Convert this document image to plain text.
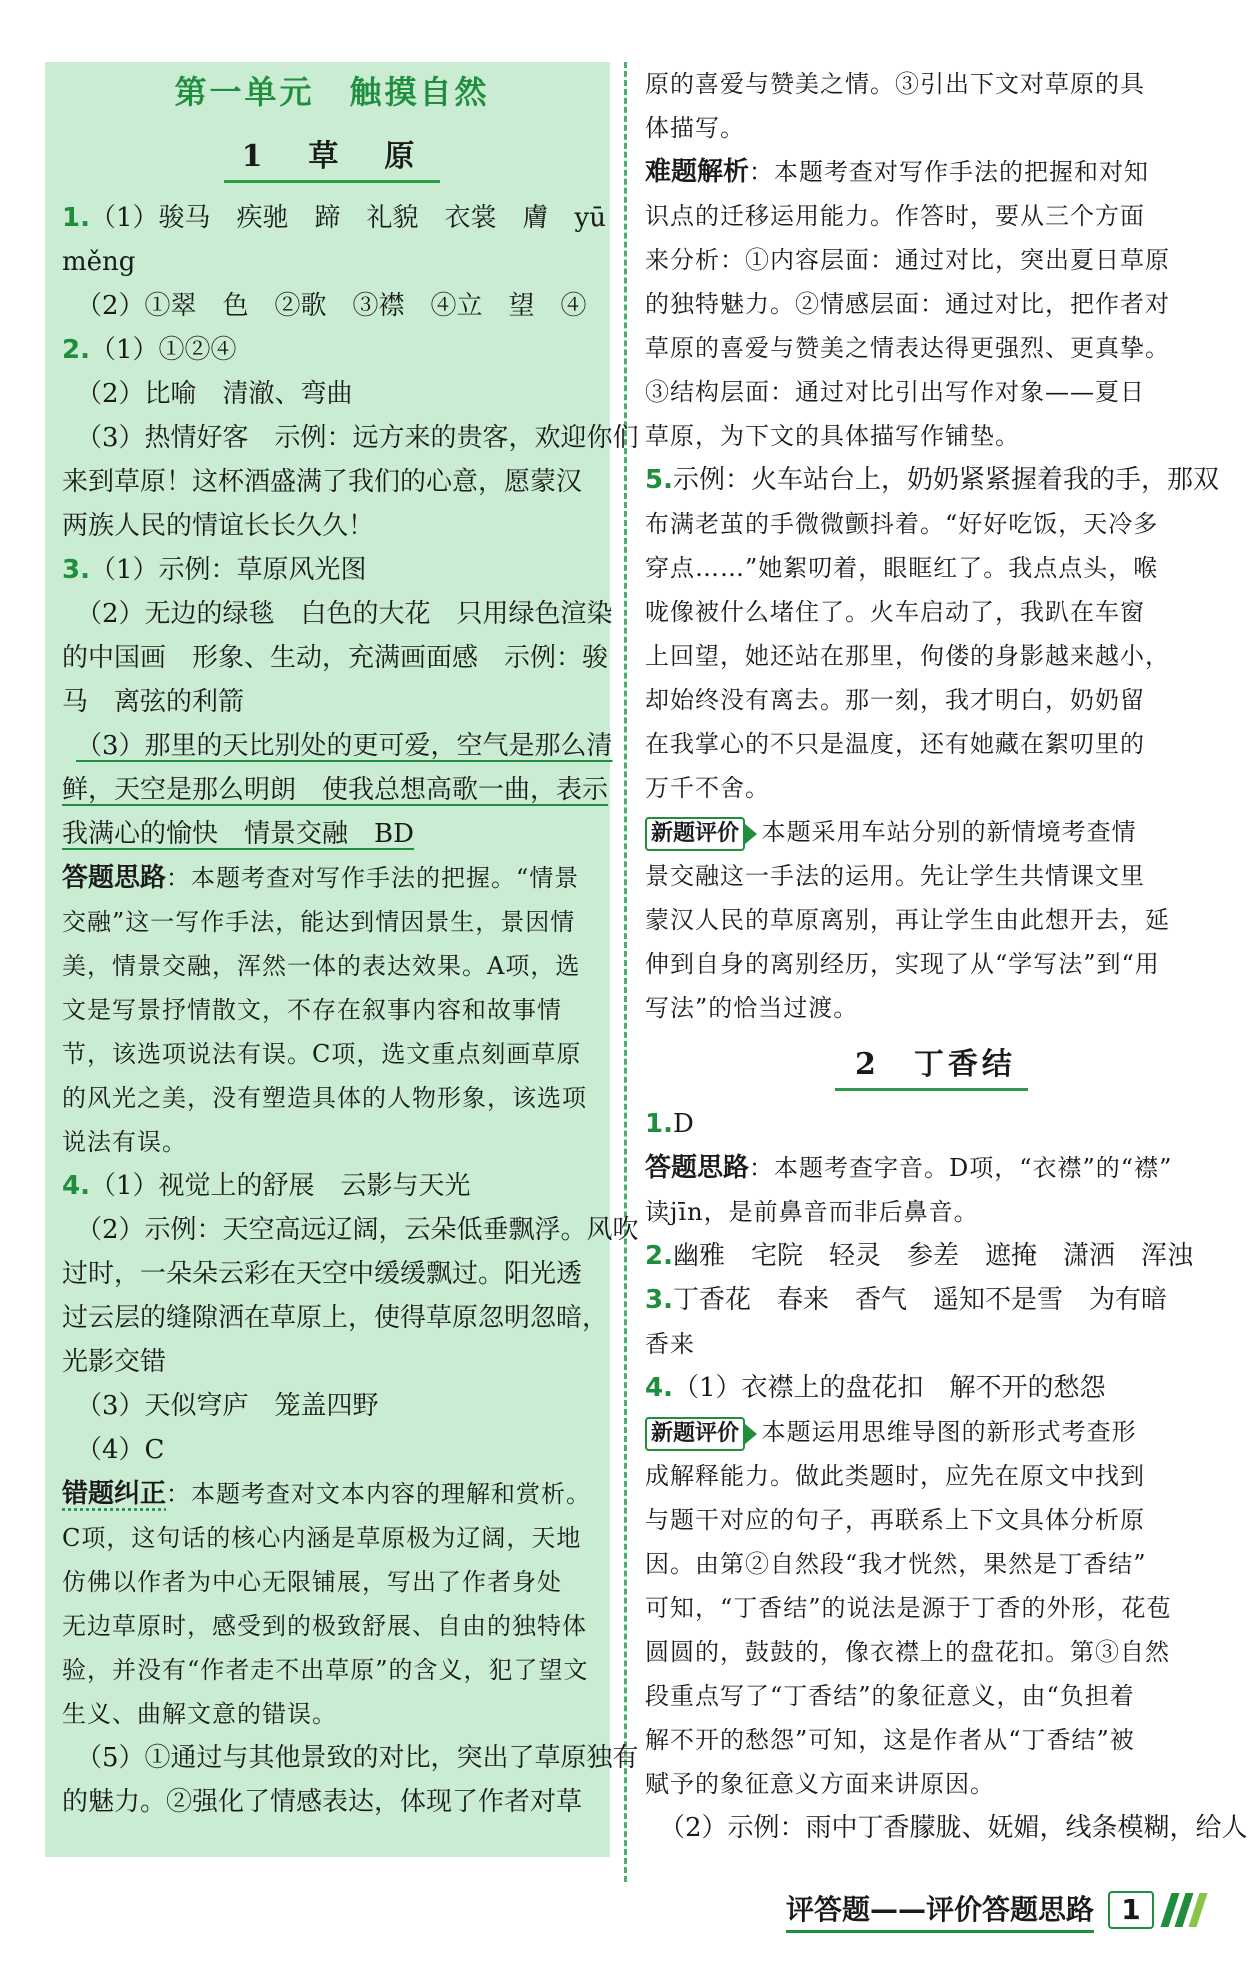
第一单元　触摸自然
1　草　原
1.（1）骏马　疾驰　蹄　礼貌　衣裳　膚　yū
měng
（2）①翠　色　②歌　③襟　④立　望　④
2.（1）①②④
（2）比喻　清澈、弯曲
（3）热情好客　示例：远方来的贵客，欢迎你们
来到草原！这杯酒盛满了我们的心意，愿蒙汉
两族人民的情谊长长久久！
3.（1）示例：草原风光图
（2）无边的绿毯　白色的大花　只用绿色渲染
的中国画　形象、生动，充满画面感　示例：骏
马　离弦的利箭
（3）那里的天比别处的更可爱，空气是那么清
鲜，天空是那么明朗　使我总想高歌一曲，表示
我满心的愉快　情景交融　BD
答题思路：本题考查对写作手法的把握。“情景
交融”这一写作手法，能达到情因景生，景因情
美，情景交融，浑然一体的表达效果。A项，选
文是写景抒情散文，不存在叙事内容和故事情
节，该选项说法有误。C项，选文重点刻画草原
的风光之美，没有塑造具体的人物形象，该选项
说法有误。
4.（1）视觉上的舒展　云影与天光
（2）示例：天空高远辽阔，云朵低垂飘浮。风吹
过时，一朵朵云彩在天空中缓缓飘过。阳光透
过云层的缝隙洒在草原上，使得草原忽明忽暗，
光影交错
（3）天似穹庐　笼盖四野
（4）C
错题纠正：本题考查对文本内容的理解和赏析。
C项，这句话的核心内涵是草原极为辽阔，天地
仿佛以作者为中心无限铺展，写出了作者身处
无边草原时，感受到的极致舒展、自由的独特体
验，并没有“作者走不出草原”的含义，犯了望文
生义、曲解文意的错误。
（5）①通过与其他景致的对比，突出了草原独有
的魅力。②强化了情感表达，体现了作者对草
原的喜爱与赞美之情。③引出下文对草原的具
体描写。
难题解析：本题考查对写作手法的把握和对知
识点的迁移运用能力。作答时，要从三个方面
来分析：①内容层面：通过对比，突出夏日草原
的独特魅力。②情感层面：通过对比，把作者对
草原的喜爱与赞美之情表达得更强烈、更真挚。
③结构层面：通过对比引出写作对象——夏日
草原，为下文的具体描写作铺垫。
5.示例：火车站台上，奶奶紧紧握着我的手，那双
布满老茧的手微微颤抖着。“好好吃饭，天冷多
穿点……”她絮叨着，眼眶红了。我点点头，喉
咙像被什么堵住了。火车启动了，我趴在车窗
上回望，她还站在那里，佝偻的身影越来越小，
却始终没有离去。那一刻，我才明白，奶奶留
在我掌心的不只是温度，还有她藏在絮叨里的
万千不舍。
新题评价 本题采用车站分别的新情境考查情
景交融这一手法的运用。先让学生共情课文里
蒙汉人民的草原离别，再让学生由此想开去，延
伸到自身的离别经历，实现了从“学写法”到“用
写法”的恰当过渡。
2　丁香结
1.D
答题思路：本题考查字音。D项，“衣襟”的“襟”
读jīn，是前鼻音而非后鼻音。
2.幽雅　宅院　轻灵　参差　遮掩　潇洒　浑浊
3.丁香花　春来　香气　遥知不是雪　为有暗
香来
4.（1）衣襟上的盘花扣　解不开的愁怨
新题评价 本题运用思维导图的新形式考查形
成解释能力。做此类题时，应先在原文中找到
与题干对应的句子，再联系上下文具体分析原
因。由第②自然段“我才恍然，果然是丁香结”
可知，“丁香结”的说法是源于丁香的外形，花苞
圆圆的，鼓鼓的，像衣襟上的盘花扣。第③自然
段重点写了“丁香结”的象征意义，由“负担着
解不开的愁怨”可知，这是作者从“丁香结”被
赋予的象征意义方面来讲原因。
（2）示例：雨中丁香朦胧、妩媚，线条模糊，给人
评答题——评价答题思路 1
